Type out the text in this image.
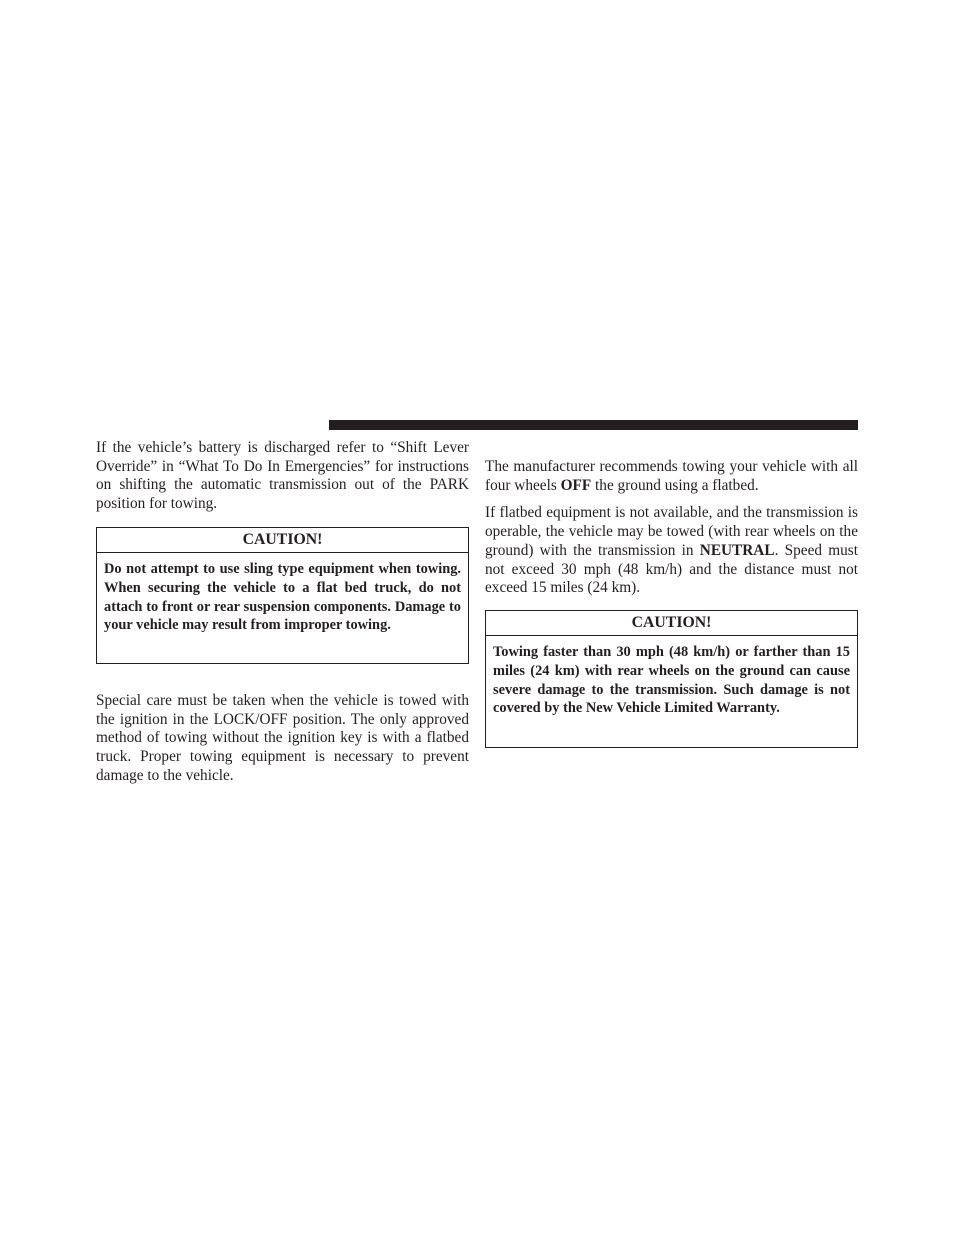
If the vehicle’s battery is discharged refer to “Shift Lever Override” in “What To Do In Emergencies” for instructions on shifting the automatic transmission out of the PARK position for towing.

CAUTION!
Do not attempt to use sling type equipment when towing. When securing the vehicle to a flat bed truck, do not attach to front or rear suspension components. Damage to your vehicle may result from improper towing.

Special care must be taken when the vehicle is towed with the ignition in the LOCK/OFF position. The only approved method of towing without the ignition key is with a flatbed truck. Proper towing equipment is necessary to prevent damage to the vehicle.

The manufacturer recommends towing your vehicle with all four wheels OFF the ground using a flatbed.

If flatbed equipment is not available, and the transmission is operable, the vehicle may be towed (with rear wheels on the ground) with the transmission in NEUTRAL. Speed must not exceed 30 mph (48 km/h) and the distance must not exceed 15 miles (24 km).

CAUTION!
Towing faster than 30 mph (48 km/h) or farther than 15 miles (24 km) with rear wheels on the ground can cause severe damage to the transmission. Such damage is not covered by the New Vehicle Limited Warranty.
